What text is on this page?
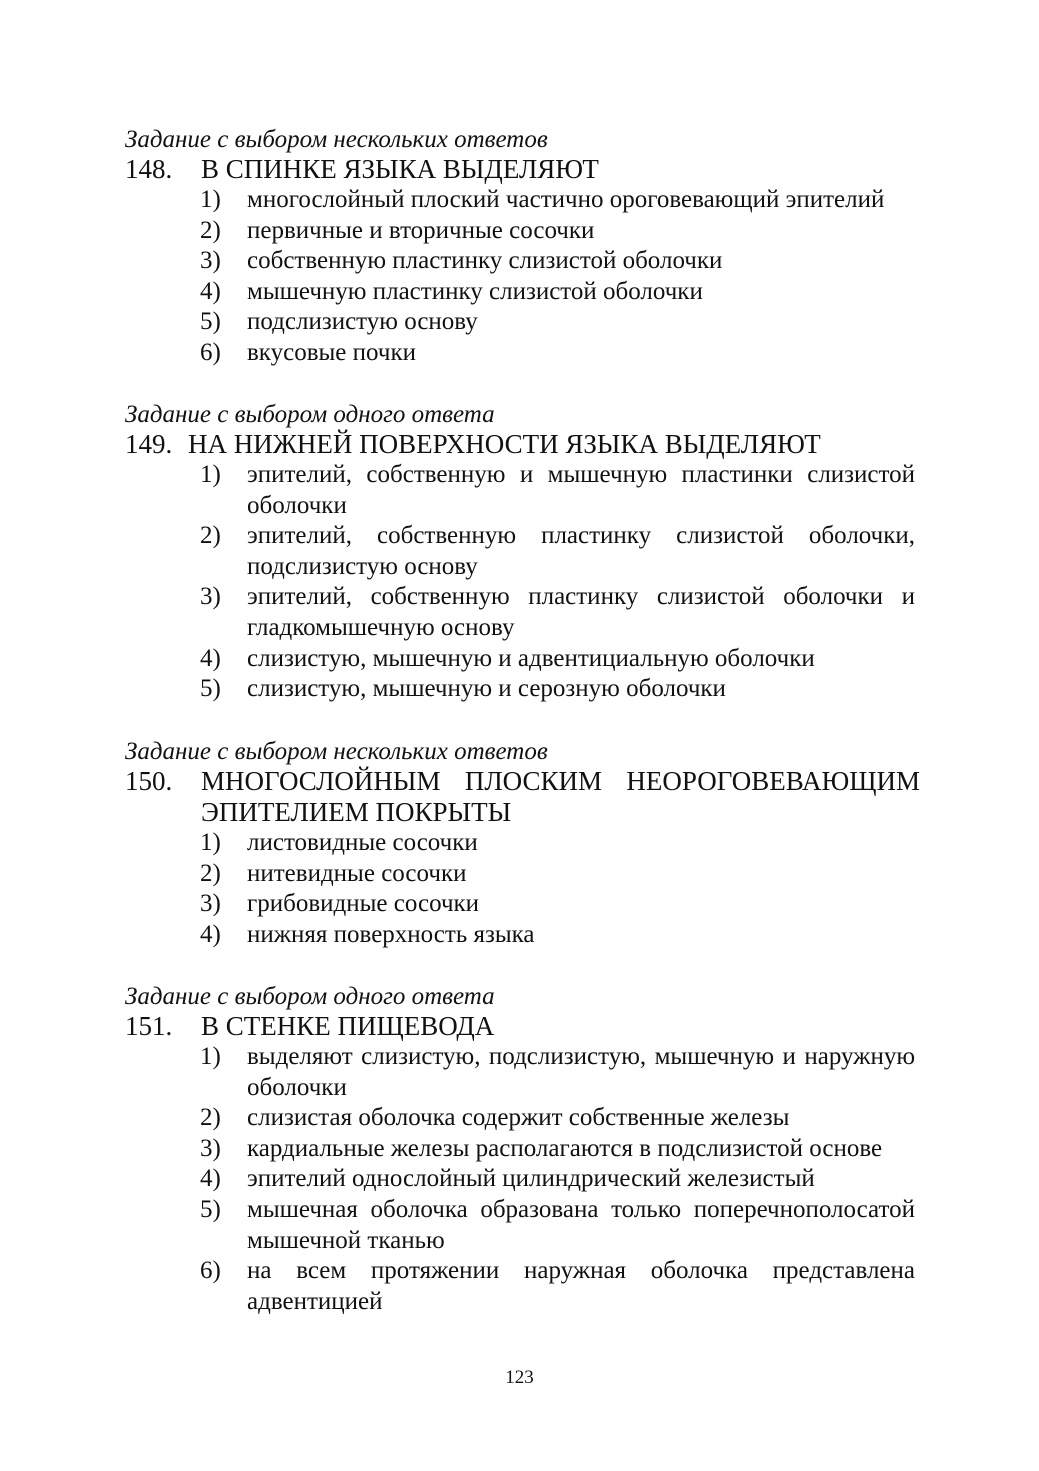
Задание с выбором нескольких ответов
148.	В СПИНКЕ ЯЗЫКА ВЫДЕЛЯЮТ
1)	многослойный плоский частично ороговевающий эпителий
2)	первичные и вторичные сосочки
3)	собственную пластинку слизистой оболочки
4)	мышечную пластинку слизистой оболочки
5)	подслизистую основу
6)	вкусовые почки
Задание с выбором одного ответа
149. НА НИЖНЕЙ ПОВЕРХНОСТИ ЯЗЫКА ВЫДЕЛЯЮТ
1)	эпителий, собственную и мышечную пластинки слизистой оболочки
2)	эпителий, собственную пластинку слизистой оболочки, подслизистую основу
3)	эпителий, собственную пластинку слизистой оболочки и гладкомышечную основу
4)	слизистую, мышечную и адвентициальную оболочки
5)	слизистую, мышечную и серозную оболочки
Задание с выбором нескольких ответов
150.	МНОГОСЛОЙНЫМ ПЛОСКИМ НЕОРОГОВЕВАЮЩИМ ЭПИТЕЛИЕМ ПОКРЫТЫ
1)	листовидные сосочки
2)	нитевидные сосочки
3)	грибовидные сосочки
4)	нижняя поверхность языка
Задание с выбором одного ответа
151.	В СТЕНКЕ ПИЩЕВОДА
1)	выделяют слизистую, подслизистую, мышечную и наружную оболочки
2)	слизистая оболочка содержит собственные железы
3)	кардиальные железы располагаются в подслизистой основе
4)	эпителий однослойный цилиндрический железистый
5)	мышечная оболочка образована только поперечнополосатой мышечной тканью
6)	на всем протяжении наружная оболочка представлена адвентицией
123
